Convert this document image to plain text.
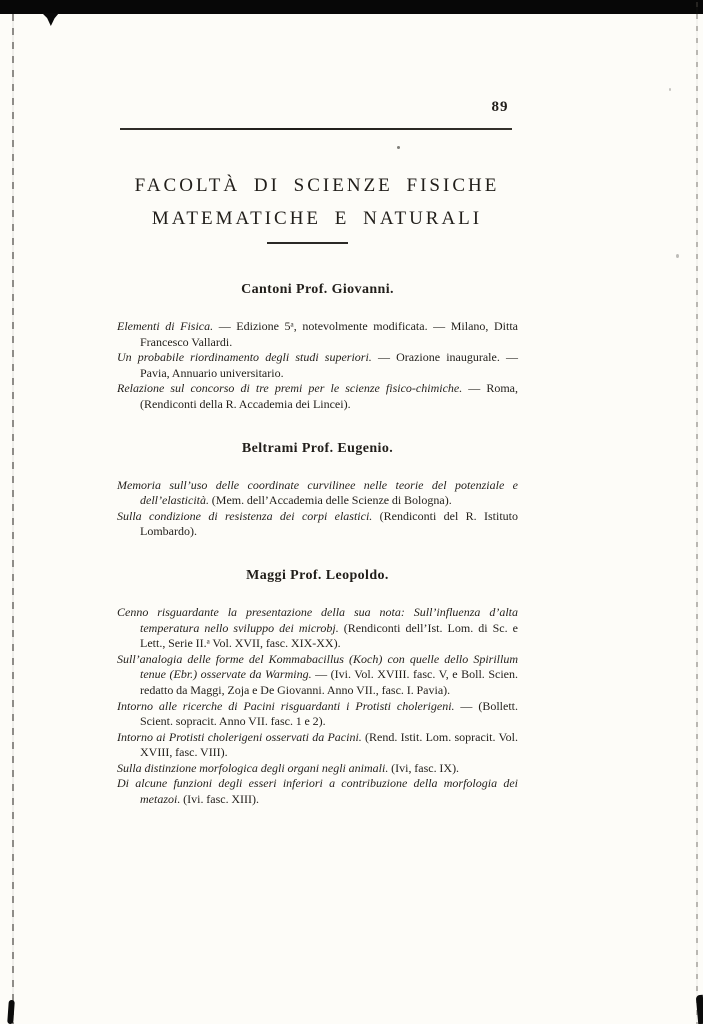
89
FACOLTÀ DI SCIENZE FISICHE
MATEMATICHE E NATURALI
Cantoni Prof. Giovanni.

Elementi di Fisica. — Edizione 5ᵃ, notevolmente modificata. — Milano, Ditta Francesco Vallardi.

Un probabile riordinamento degli studi superiori. — Orazione inaugurale. — Pavia, Annuario universitario.

Relazione sul concorso di tre premi per le scienze fisico-chimiche. — Roma, (Rendiconti della R. Accademia dei Lincei).

Beltrami Prof. Eugenio.

Memoria sull’uso delle coordinate curvilinee nelle teorie del potenziale e dell’elasticità. (Mem. dell’Accademia delle Scienze di Bologna).

Sulla condizione di resistenza dei corpi elastici. (Rendiconti del R. Istituto Lombardo).

Maggi Prof. Leopoldo.

Cenno risguardante la presentazione della sua nota: Sull’influenza d’alta temperatura nello sviluppo dei microbj. (Rendiconti dell’Ist. Lom. di Sc. e Lett., Serie II.ᵃ Vol. XVII, fasc. XIX-XX).

Sull’analogia delle forme del Kommabacillus (Koch) con quelle dello Spirillum tenue (Ebr.) osservate da Warming. — (Ivi. Vol. XVIII. fasc. V, e Boll. Scien. redatto da Maggi, Zoja e De Giovanni. Anno VII., fasc. I. Pavia).

Intorno alle ricerche di Pacini risguardanti i Protisti cholerigeni. — (Bollett. Scient. sopracit. Anno VII. fasc. 1 e 2).

Intorno ai Protisti cholerigeni osservati da Pacini. (Rend. Istit. Lom. sopracit. Vol. XVIII, fasc. VIII).

Sulla distinzione morfologica degli organi negli animali. (Ivi, fasc. IX).

Di alcune funzioni degli esseri inferiori a contribuzione della morfologia dei metazoi. (Ivi. fasc. XIII).
